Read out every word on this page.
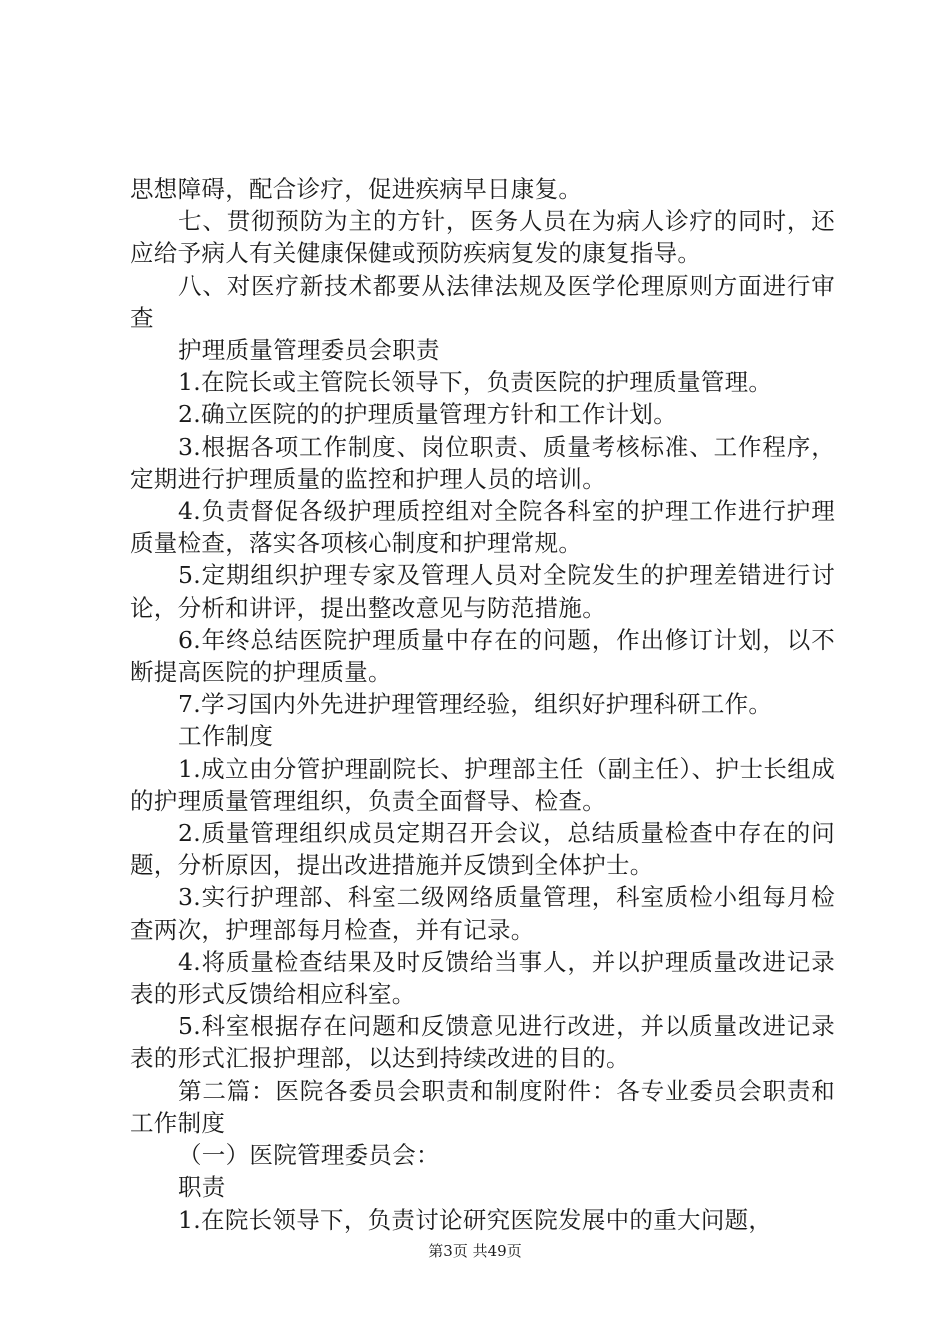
思想障碍，配合诊疗，促进疾病早日康复。

七、贯彻预防为主的方针，医务人员在为病人诊疗的同时，还应给予病人有关健康保健或预防疾病复发的康复指导。

八、对医疗新技术都要从法律法规及医学伦理原则方面进行审查

护理质量管理委员会职责

1.在院长或主管院长领导下，负责医院的护理质量管理。

2.确立医院的的护理质量管理方针和工作计划。

3.根据各项工作制度、岗位职责、质量考核标准、工作程序，定期进行护理质量的监控和护理人员的培训。

4.负责督促各级护理质控组对全院各科室的护理工作进行护理质量检查，落实各项核心制度和护理常规。

5.定期组织护理专家及管理人员对全院发生的护理差错进行讨论，分析和讲评，提出整改意见与防范措施。

6.年终总结医院护理质量中存在的问题，作出修订计划，以不断提高医院的护理质量。

7.学习国内外先进护理管理经验，组织好护理科研工作。

工作制度

1.成立由分管护理副院长、护理部主任（副主任）、护士长组成的护理质量管理组织，负责全面督导、检查。

2.质量管理组织成员定期召开会议，总结质量检查中存在的问题，分析原因，提出改进措施并反馈到全体护士。

3.实行护理部、科室二级网络质量管理，科室质检小组每月检查两次，护理部每月检查，并有记录。

4.将质量检查结果及时反馈给当事人，并以护理质量改进记录表的形式反馈给相应科室。

5.科室根据存在问题和反馈意见进行改进，并以质量改进记录表的形式汇报护理部，以达到持续改进的目的。

第二篇：医院各委员会职责和制度附件：各专业委员会职责和工作制度

（一）医院管理委员会：

职责

1.在院长领导下，负责讨论研究医院发展中的重大问题，

第3页 共49页
